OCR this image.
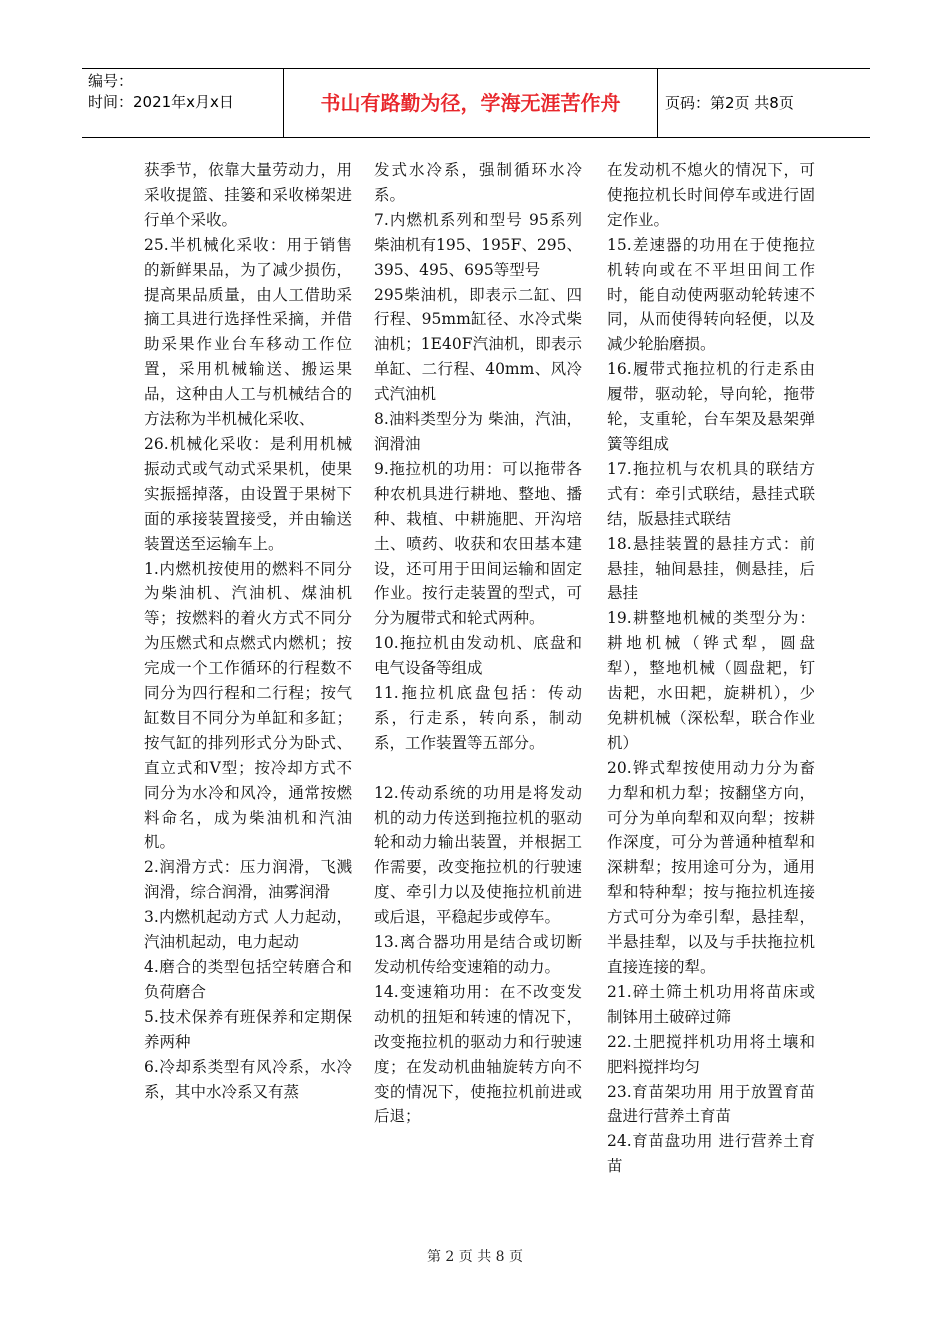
编号：
时间：2021年x月x日	书山有路勤为径，学海无涯苦作舟	页码：第2页 共8页

获季节，依靠大量劳动力，用采收提篮、挂篓和采收梯架进行单个采收。

25.半机械化采收：用于销售的新鲜果品，为了减少损伤，提高果品质量，由人工借助采摘工具进行选择性采摘，并借助采果作业台车移动工作位置，采用机械输送、搬运果品，这种由人工与机械结合的方法称为半机械化采收、

26.机械化采收：是利用机械振动式或气动式采果机，使果实振摇掉落，由设置于果树下面的承接装置接受，并由输送装置送至运输车上。

1.内燃机按使用的燃料不同分为柴油机、汽油机、煤油机等；按燃料的着火方式不同分为压燃式和点燃式内燃机；按完成一个工作循环的行程数不同分为四行程和二行程；按气缸数目不同分为单缸和多缸；按气缸的排列形式分为卧式、直立式和V型；按冷却方式不同分为水冷和风冷，通常按燃料命名，成为柴油机和汽油机。

2.润滑方式：压力润滑，飞溅润滑，综合润滑，油雾润滑

3.内燃机起动方式 人力起动，汽油机起动，电力起动

4.磨合的类型包括空转磨合和负荷磨合

5.技术保养有班保养和定期保养两种

6.冷却系类型有风冷系，水冷系，其中水冷系又有蒸

发式水冷系，强制循环水冷系。

7.内燃机系列和型号 95系列柴油机有195、195F、295、395、495、695等型号

295柴油机，即表示二缸、四行程、95mm缸径、水冷式柴油机；1E40F汽油机，即表示单缸、二行程、40mm、风冷式汽油机

8.油料类型分为 柴油，汽油，润滑油

9.拖拉机的功用：可以拖带各种农机具进行耕地、整地、播种、栽植、中耕施肥、开沟培土、喷药、收获和农田基本建设，还可用于田间运输和固定作业。按行走装置的型式，可分为履带式和轮式两种。

10.拖拉机由发动机、底盘和电气设备等组成

11.拖拉机底盘包括：传动系，行走系，转向系，制动系，工作装置等五部分。

12.传动系统的功用是将发动机的动力传送到拖拉机的驱动轮和动力输出装置，并根据工作需要，改变拖拉机的行驶速度、牵引力以及使拖拉机前进或后退，平稳起步或停车。

13.离合器功用是结合或切断发动机传给变速箱的动力。

14.变速箱功用：在不改变发动机的扭矩和转速的情况下，改变拖拉机的驱动力和行驶速度；在发动机曲轴旋转方向不变的情况下，使拖拉机前进或后退；

在发动机不熄火的情况下，可使拖拉机长时间停车或进行固定作业。

15.差速器的功用在于使拖拉机转向或在不平坦田间工作时，能自动使两驱动轮转速不同，从而使得转向轻便，以及减少轮胎磨损。

16.履带式拖拉机的行走系由履带，驱动轮，导向轮，拖带轮，支重轮，台车架及悬架弹簧等组成

17.拖拉机与农机具的联结方式有：牵引式联结，悬挂式联结，版悬挂式联结

18.悬挂装置的悬挂方式：前悬挂，轴间悬挂，侧悬挂，后悬挂

19.耕整地机械的类型分为：耕地机械（铧式犁，圆盘犁），整地机械（圆盘耙，钉齿耙，水田耙，旋耕机），少免耕机械（深松犁，联合作业机）

20.铧式犁按使用动力分为畜力犁和机力犁；按翻垡方向，可分为单向犁和双向犁；按耕作深度，可分为普通种植犁和深耕犁；按用途可分为，通用犁和特种犁；按与拖拉机连接方式可分为牵引犁，悬挂犁，半悬挂犁，以及与手扶拖拉机直接连接的犁。

21.碎土筛土机功用将苗床或制钵用土破碎过筛

22.土肥搅拌机功用将土壤和肥料搅拌均匀

23.育苗架功用 用于放置育苗盘进行营养土育苗

24.育苗盘功用 进行营养土育苗

第 2 页 共 8 页
